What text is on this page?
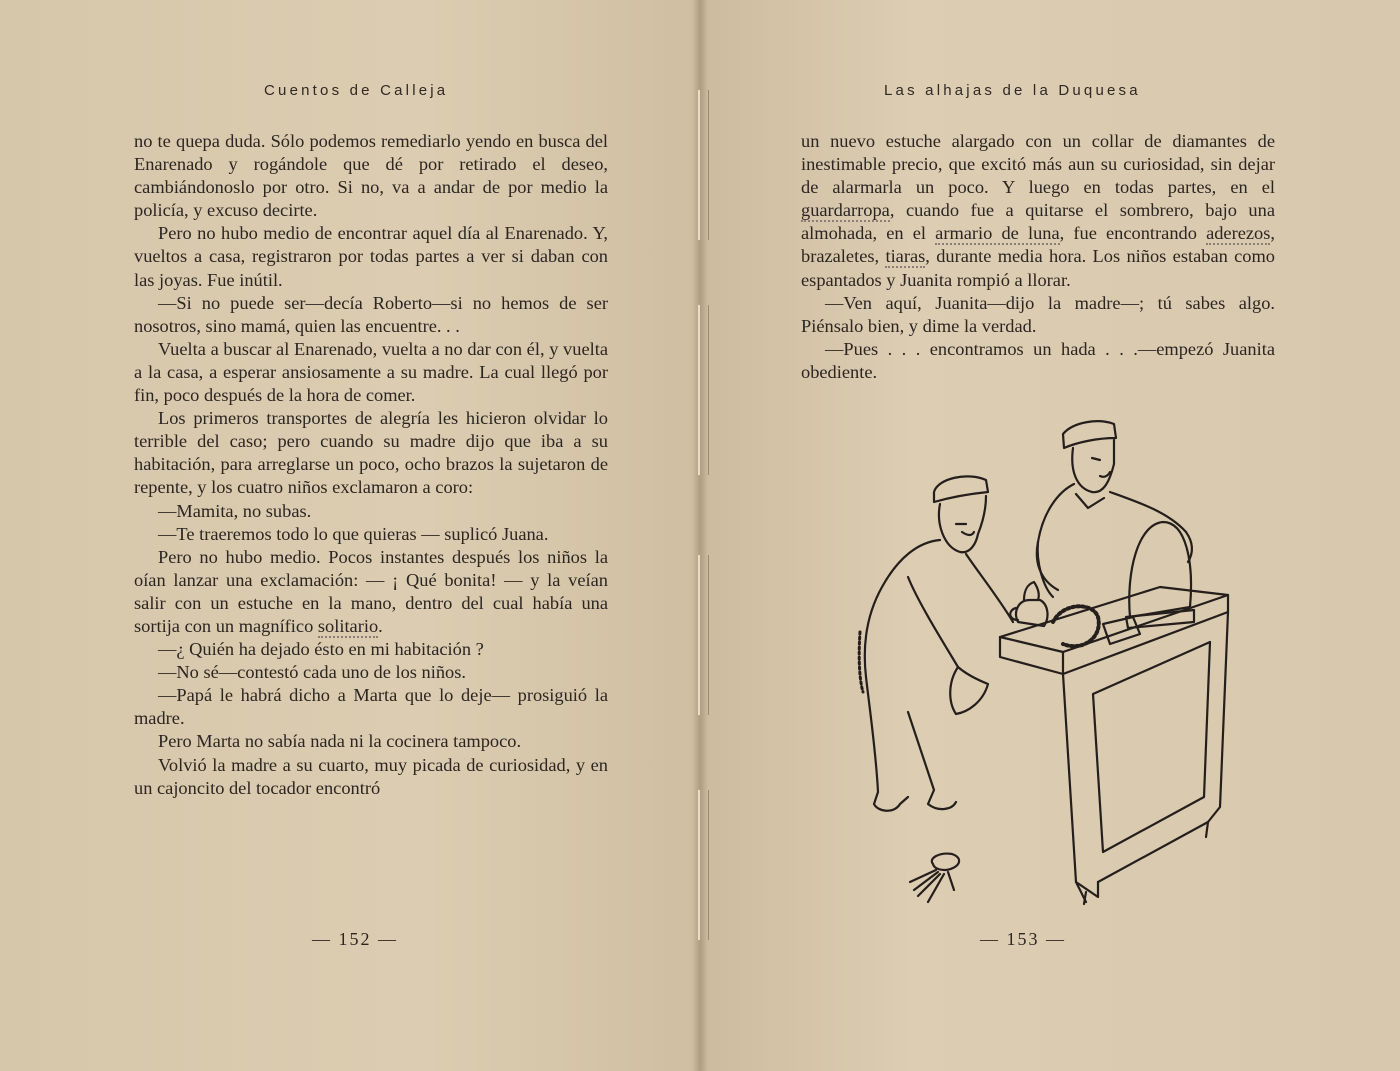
Cuentos de Calleja

no te quepa duda. Sólo podemos remediarlo yendo en busca del Enarenado y rogándole que dé por retirado el deseo, cambiándonoslo por otro. Si no, va a andar de por medio la policía, y excuso decirte.

Pero no hubo medio de encontrar aquel día al Enarenado. Y, vueltos a casa, registraron por todas partes a ver si daban con las joyas. Fue inútil.

—Si no puede ser—decía Roberto—si no hemos de ser nosotros, sino mamá, quien las encuentre. . .

Vuelta a buscar al Enarenado, vuelta a no dar con él, y vuelta a la casa, a esperar ansiosamente a su madre. La cual llegó por fin, poco después de la hora de comer.

Los primeros transportes de alegría les hicieron olvidar lo terrible del caso; pero cuando su madre dijo que iba a su habitación, para arreglarse un poco, ocho brazos la sujetaron de repente, y los cuatro niños exclamaron a coro:

—Mamita, no subas.

—Te traeremos todo lo que quieras — suplicó Juana.

Pero no hubo medio. Pocos instantes después los niños la oían lanzar una exclamación: — ¡ Qué bonita! — y la veían salir con un estuche en la mano, dentro del cual había una sortija con un magnífico solitario.

—¿ Quién ha dejado ésto en mi habitación ?

—No sé—contestó cada uno de los niños.

—Papá le habrá dicho a Marta que lo deje— prosiguió la madre.

Pero Marta no sabía nada ni la cocinera tampoco.

Volvió la madre a su cuarto, muy picada de curiosidad, y en un cajoncito del tocador encontró

— 152 —
Las alhajas de la Duquesa

un nuevo estuche alargado con un collar de diamantes de inestimable precio, que excitó más aun su curiosidad, sin dejar de alarmarla un poco. Y luego en todas partes, en el guardarropa, cuando fue a quitarse el sombrero, bajo una almohada, en el armario de luna, fue encontrando aderezos, brazaletes, tiaras, durante media hora. Los niños estaban como espantados y Juanita rompió a llorar.

—Ven aquí, Juanita—dijo la madre—; tú sabes algo. Piénsalo bien, y dime la verdad.

—Pues . . . encontramos un hada . . .—empezó Juanita obediente.

— 153 —
